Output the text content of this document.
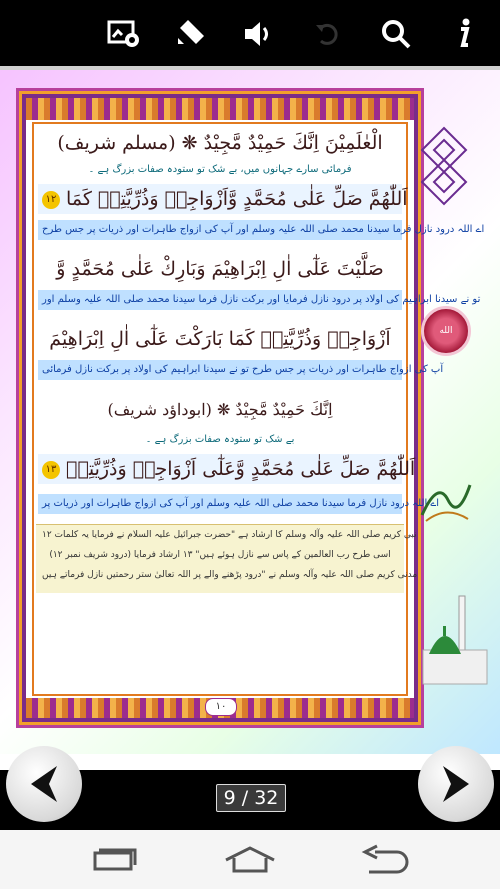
۱۰
الْعٰلَمِيْنَ اِنَّكَ حَمِيْدٌ مَّجِيْدٌ ❋ (مسلم شریف)
فرمائی سارے جہانوں میں، بے شک تو ستودہ صفات بزرگ ہے ۔
۱۲ اَللّٰهُمَّ صَلِّ عَلٰى مُحَمَّدٍ وَّاَزْوَاجِهٖ وَذُرِّيَّتِهٖ كَمَا
اے اللہ درود نازل فرما سیدنا محمد صلی اللہ علیہ وسلم اور آپ کی ازواج طاہرات اور ذریات پر جس طرح
صَلَّيْتَ عَلٰٓى اٰلِ اِبْرَاهِيْمَ وَبَارِكْ عَلٰى مُحَمَّدٍ وَّ
تو نے سیدنا ابراہیم کی اولاد پر درود نازل فرمایا اور برکت نازل فرما سیدنا محمد صلی اللہ علیہ وسلم اور
اَزْوَاجِهٖ وَذُرِّيَّتِهٖ كَمَا بَارَكْتَ عَلٰٓى اٰلِ اِبْرَاهِيْمَ
آپ کی ازواج طاہرات اور ذریات پر جس طرح تو نے سیدنا ابراہیم کی اولاد پر برکت نازل فرمائی
اِنَّكَ حَمِيْدٌ مَّجِيْدٌ ❋ (ابوداؤد شریف)
بے شک تو ستودہ صفات بزرگ ہے ۔
۱۳ اَللّٰهُمَّ صَلِّ عَلٰى مُحَمَّدٍ وَّعَلٰٓى اَزْوَاجِهٖ وَذُرِّيَّتِهٖ
اے اللہ درود نازل فرما سیدنا محمد صلی اللہ علیہ وسلم اور آپ کی ازواج طاہرات اور ذریات پر
۱۲ نبی کریم صلی اللہ علیہ وآلہ وسلم کا ارشاد ہے "حضرت جبرائیل علیہ السلام نے فرمایا یہ کلمات
(درود شریف نمبر ۱۲) اسی طرح رب العالمین کے پاس سے نازل ہوئے ہیں" ۱۳ ارشاد فرمایا
مدنی کریم صلی اللہ علیہ وآلہ وسلم نے "درود پڑھنے والے پر اللہ تعالیٰ ستر رحمتیں نازل فرماتے ہیں
الله
9 / 32
